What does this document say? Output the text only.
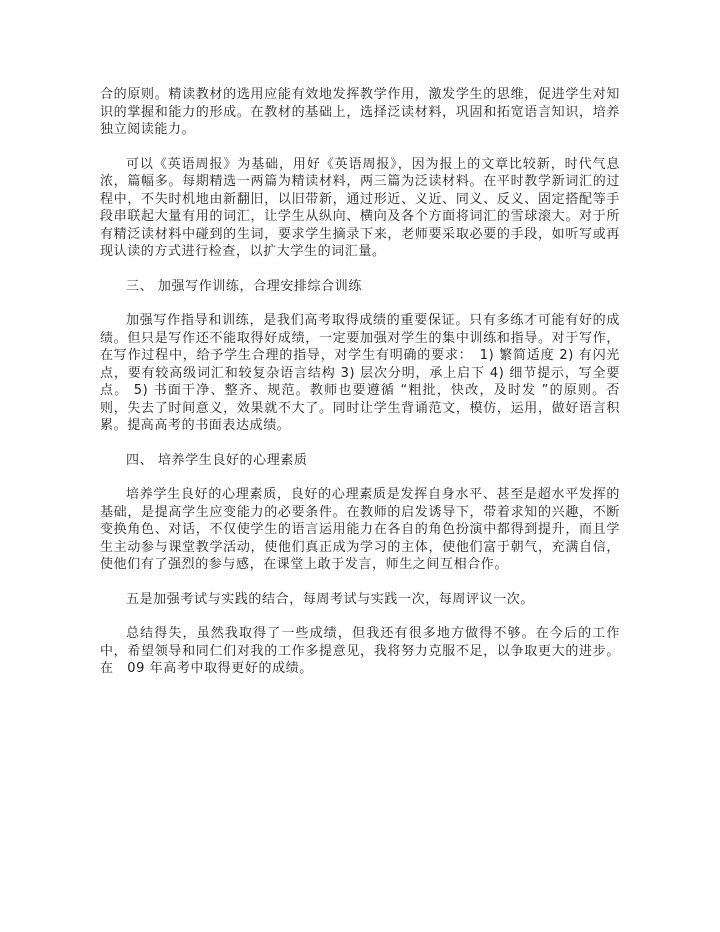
合的原则。精读教材的选用应能有效地发挥教学作用，激发学生的思维，促进学生对知识的掌握和能力的形成。在教材的基础上，选择泛读材料，巩固和拓宽语言知识，培养独立阅读能力。

可以《英语周报》为基础，用好《英语周报》，因为报上的文章比较新，时代气息浓，篇幅多。每期精选一两篇为精读材料，两三篇为泛读材料。在平时教学新词汇的过程中，不失时机地由新翻旧，以旧带新，通过形近、义近、同义、反义、固定搭配等手段串联起大量有用的词汇，让学生从纵向、横向及各个方面将词汇的雪球滚大。对于所有精泛读材料中碰到的生词，要求学生摘录下来，老师要采取必要的手段，如听写或再现认读的方式进行检查，以扩大学生的词汇量。

三、 加强写作训练，合理安排综合训练

加强写作指导和训练，是我们高考取得成绩的重要保证。只有多练才可能有好的成绩。但只是写作还不能取得好成绩，一定要加强对学生的集中训练和指导。对于写作，在写作过程中，给予学生合理的指导，对学生有明确的要求：　1) 繁简适度 2) 有闪光点，要有较高级词汇和较复杂语言结构 3) 层次分明，承上启下 4) 细节提示，写全要点。 5) 书面干净、整齐、规范。教师也要遵循 “粗批，快改，及时发 ”的原则。否则，失去了时间意义，效果就不大了。同时让学生背诵范文，模仿，运用，做好语言积累。提高高考的书面表达成绩。

四、 培养学生良好的心理素质

培养学生良好的心理素质，良好的心理素质是发挥自身水平、甚至是超水平发挥的基础，是提高学生应变能力的必要条件。在教师的启发诱导下，带着求知的兴趣，不断变换角色、对话，不仅使学生的语言运用能力在各自的角色扮演中都得到提升，而且学生主动参与课堂教学活动，使他们真正成为学习的主体，使他们富于朝气，充满自信，使他们有了强烈的参与感，在课堂上敢于发言，师生之间互相合作。

五是加强考试与实践的结合，每周考试与实践一次，每周评议一次。

总结得失，虽然我取得了一些成绩，但我还有很多地方做得不够。在今后的工作中，希望领导和同仁们对我的工作多提意见，我将努力克服不足，以争取更大的进步。在　09 年高考中取得更好的成绩。
